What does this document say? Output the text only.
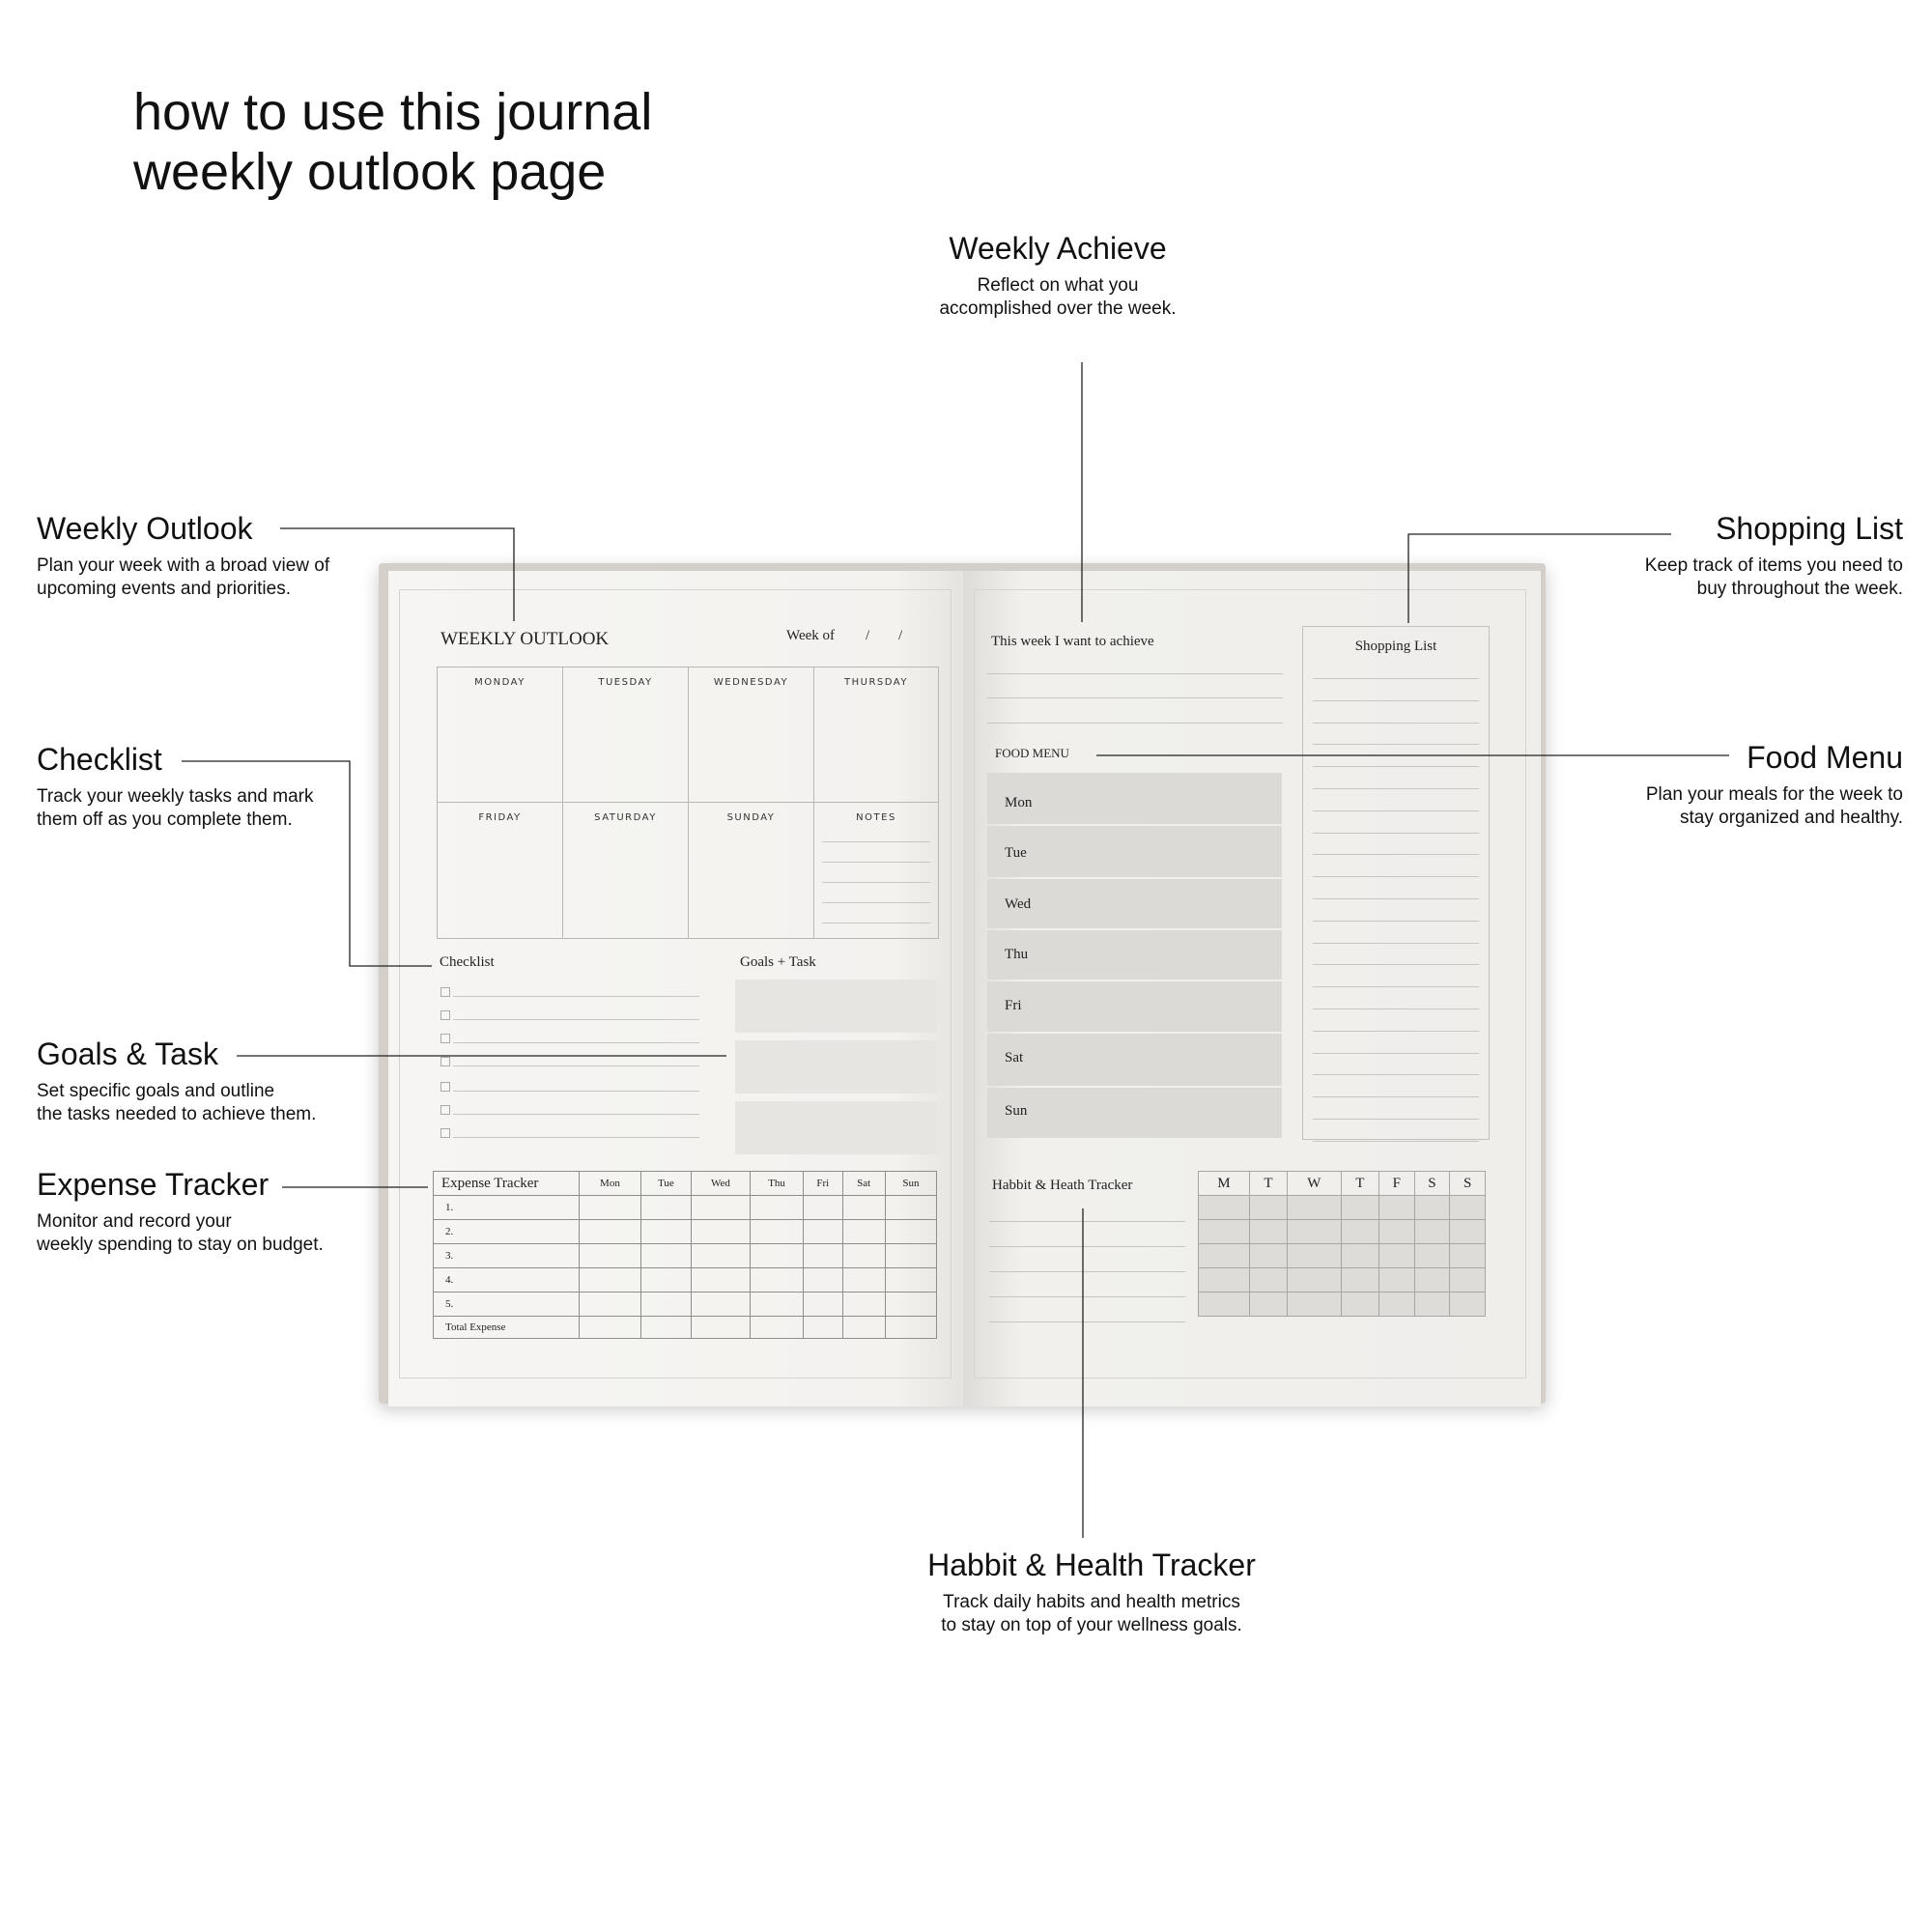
how to use this journal
weekly outlook page
Weekly Achieve
Reflect on what you
accomplished over the week.
Weekly Outlook
Plan your week with a broad view of
upcoming events and priorities.
Checklist
Track your weekly tasks and mark
them off as you complete them.
Goals & Task
Set specific goals and outline
the tasks needed to achieve them.
Expense Tracker
Monitor and record your
weekly spending to stay on budget.
Shopping List
Keep track of items you need to
buy throughout the week.
Food Menu
Plan your meals for the week to
stay organized and healthy.
Habbit & Health Tracker
Track daily habits and health metrics
to stay on top of your wellness goals.
WEEKLY OUTLOOK	Week of / /
MONDAY	TUESDAY	WEDNESDAY	THURSDAY
FRIDAY	SATURDAY	SUNDAY	NOTES
Checklist	Goals + Task
Expense Tracker	Mon	Tue	Wed	Thu	Fri	Sat	Sun
1.							
2.							
3.							
4.							
5.							
Total Expense							
This week I want to achieve
FOOD MENU
Mon
Tue
Wed
Thu
Fri
Sat
Sun
Shopping List
Habbit & Heath Tracker	M	T	W	T	F	S	S
